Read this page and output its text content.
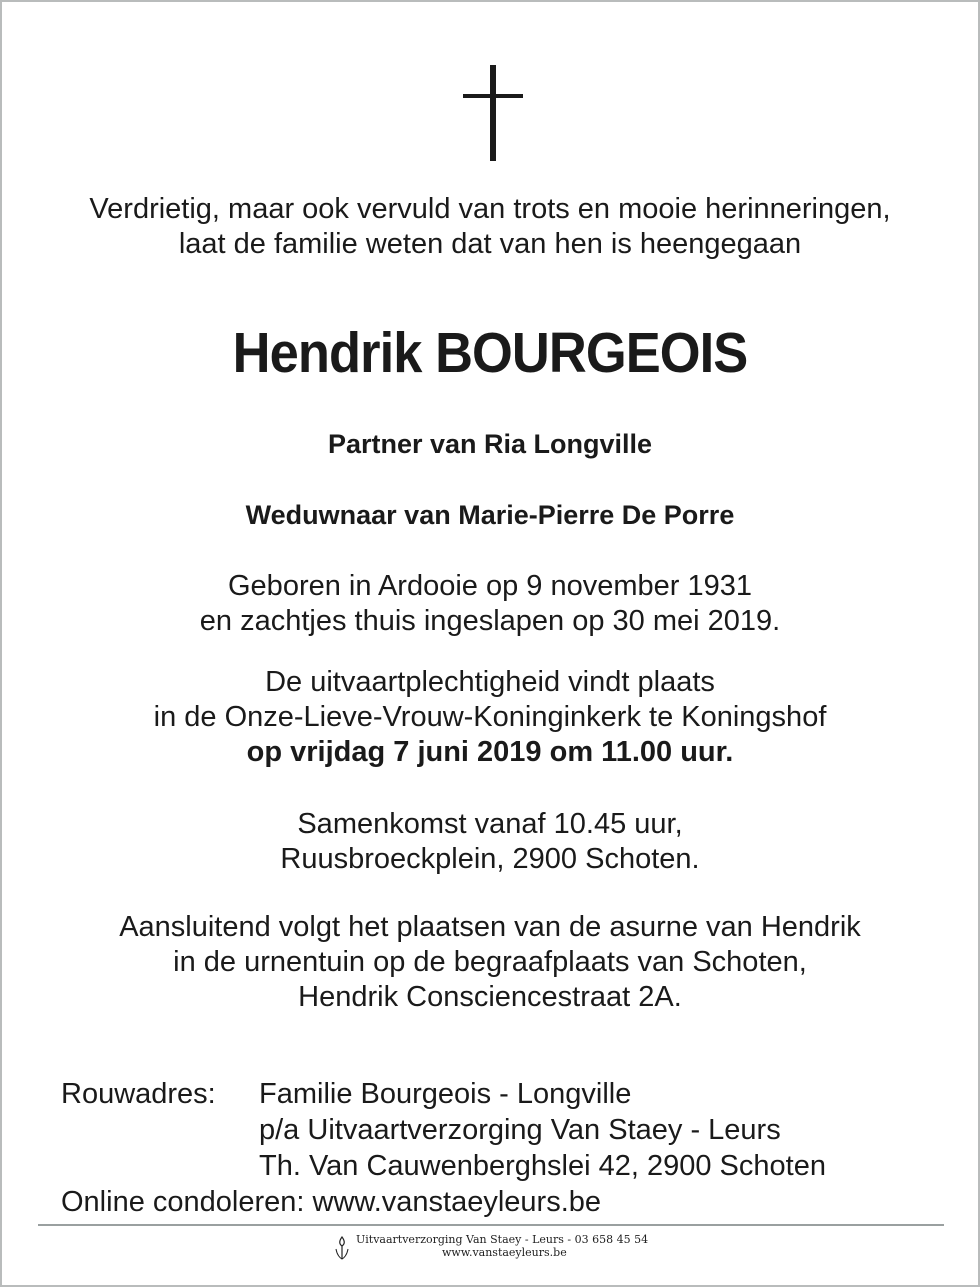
Verdrietig, maar ook vervuld van trots en mooie herinneringen,
laat de familie weten dat van hen is heengegaan
Hendrik BOURGEOIS
Partner van Ria Longville
Weduwnaar van Marie-Pierre De Porre
Geboren in Ardooie op 9 november 1931
en zachtjes thuis ingeslapen op 30 mei 2019.
De uitvaartplechtigheid vindt plaats
in de Onze-Lieve-Vrouw-Koninginkerk te Koningshof
op vrijdag 7 juni 2019 om 11.00 uur.
Samenkomst vanaf 10.45 uur,
Ruusbroeckplein, 2900 Schoten.
Aansluitend volgt het plaatsen van de asurne van Hendrik
in de urnentuin op de begraafplaats van Schoten,
Hendrik Consciencestraat 2A.
Rouwadres:	Familie Bourgeois - Longville
p/a Uitvaartverzorging Van Staey - Leurs
Th. Van Cauwenberghslei 42, 2900 Schoten
Online condoleren: www.vanstaeyleurs.be
Uitvaartverzorging Van Staey - Leurs - 03 658 45 54
www.vanstaeyleurs.be
